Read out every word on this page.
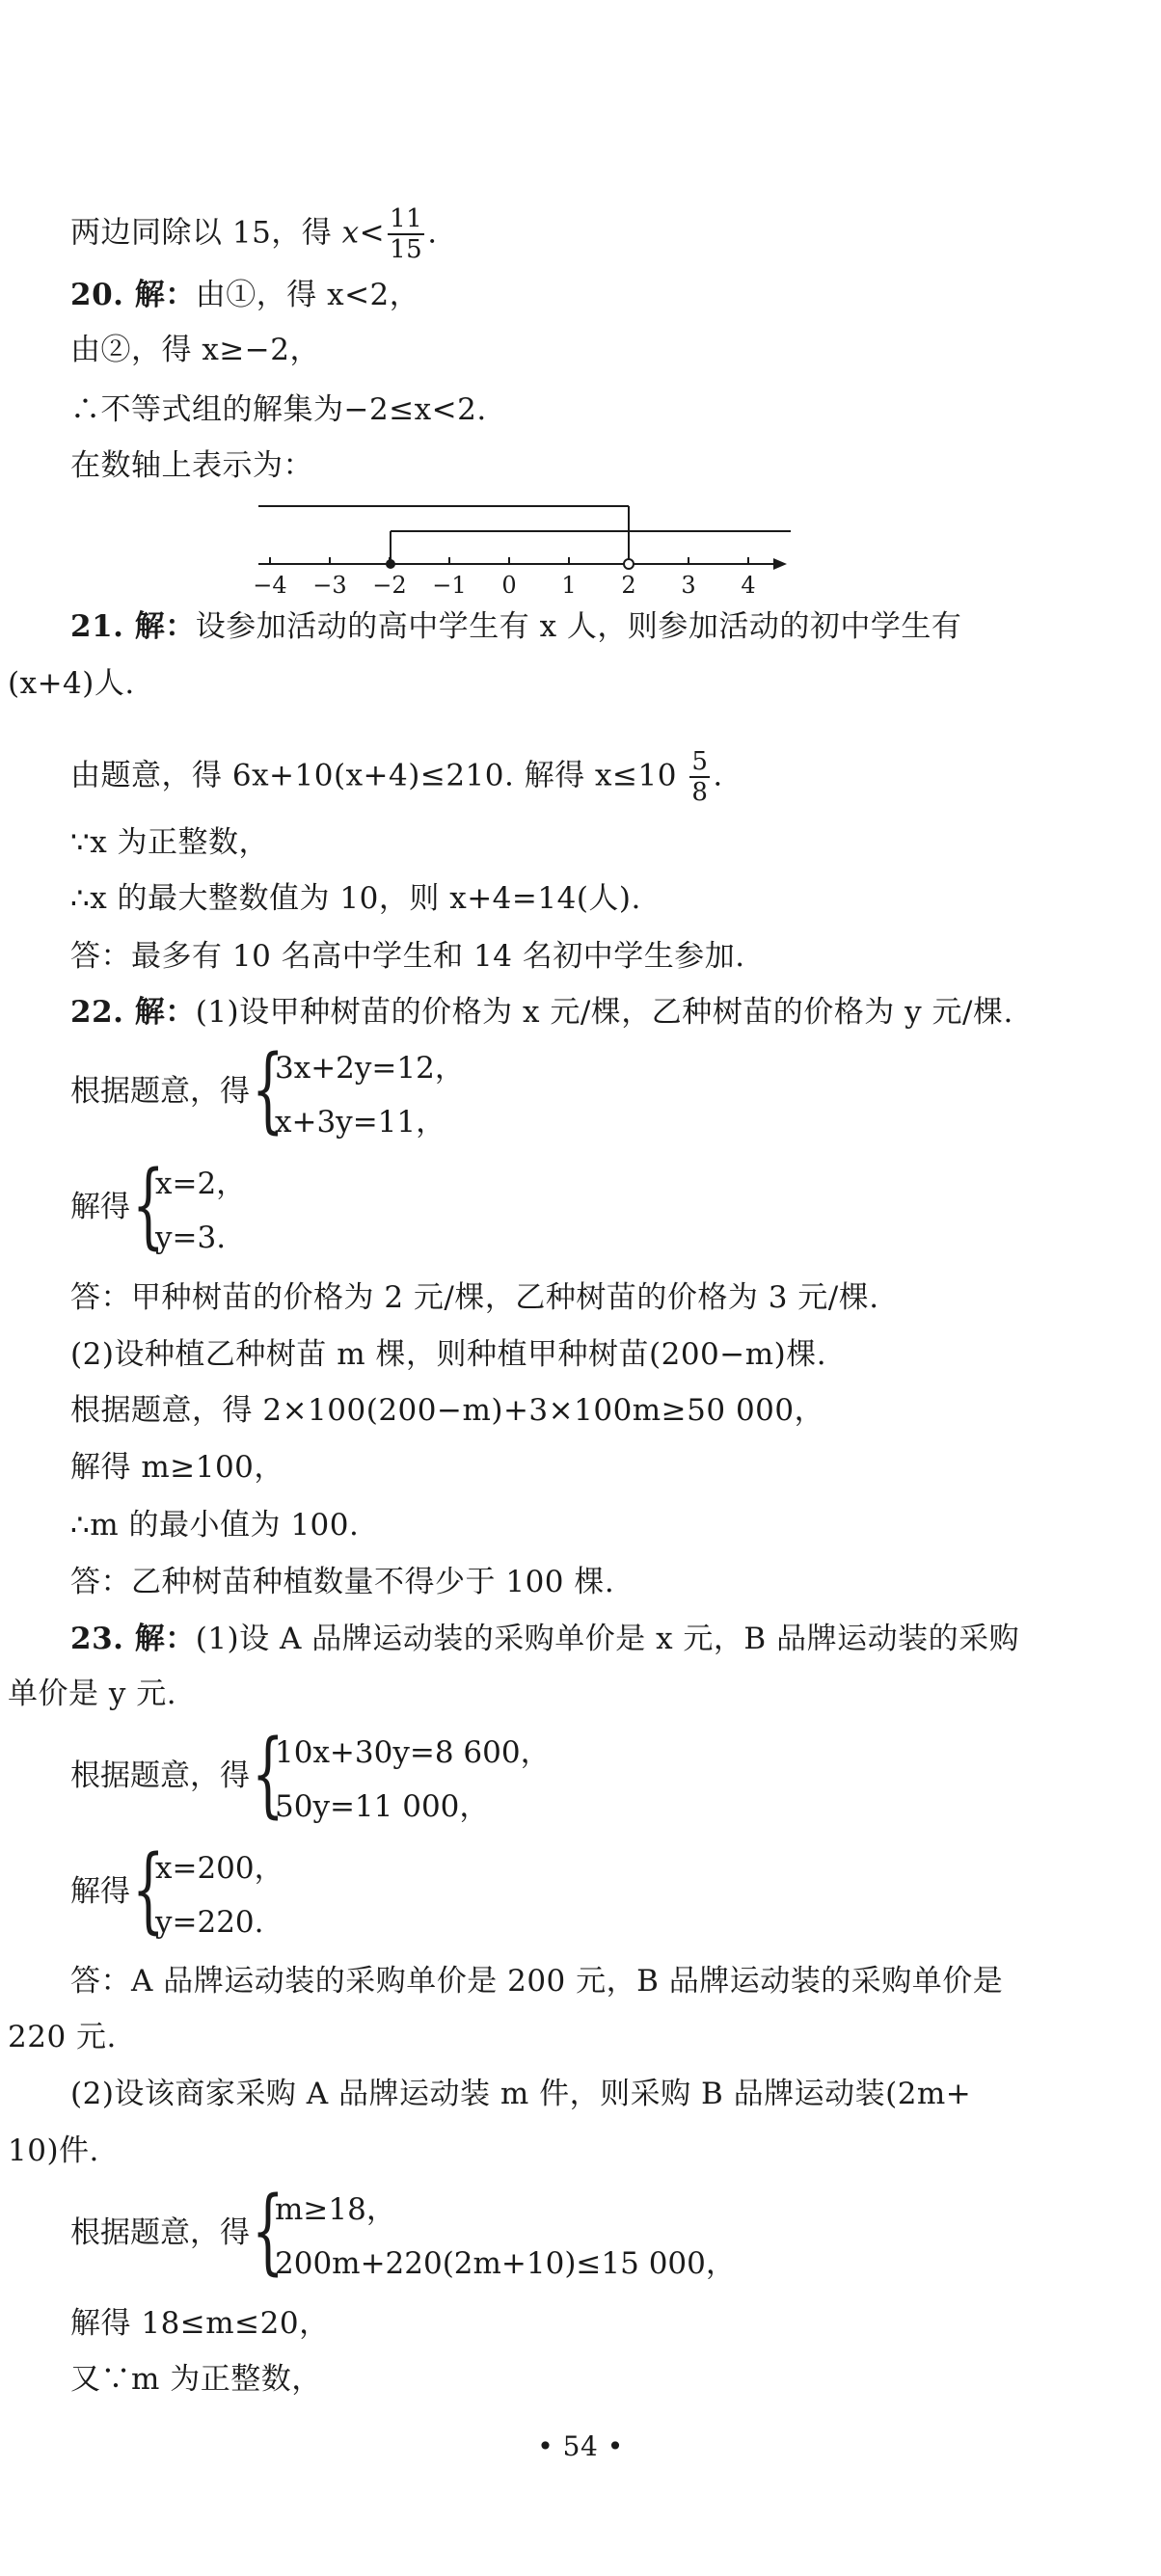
两边同除以 15，得 $x< \frac{11}{15}$ .
20. 解：由①，得 x<2，
由②，得 x≥−2，
∴不等式组的解集为−2≤x<2.
在数轴上表示为：
−4 −3 −2 −1 0 1 2 3 4
21. 解：设参加活动的高中学生有 x 人，则参加活动的初中学生有
(x+4)人.
由题意，得 6x+10(x+4)≤210. 解得 $x\le 10 \frac{5}{8}$ .
∵x 为正整数，
∴x 的最大整数值为 10，则 x+4=14(人).
答：最多有 10 名高中学生和 14 名初中学生参加.
22. 解：(1)设甲种树苗的价格为 x 元/棵，乙种树苗的价格为 y 元/棵.
根据题意，得 {
3x+2y=12，
x+3y=11，
解得 {
x=2，
y=3.
答：甲种树苗的价格为 2 元/棵，乙种树苗的价格为 3 元/棵.
(2)设种植乙种树苗 m 棵，则种植甲种树苗(200−m)棵.
根据题意，得 2×100(200−m)+3×100m≥50 000，
解得 m≥100，
∴m 的最小值为 100.
答：乙种树苗种植数量不得少于 100 棵.
23. 解：(1)设 A 品牌运动装的采购单价是 x 元，B 品牌运动装的采购
单价是 y 元.
根据题意，得 {
10x+30y=8 600，
50y=11 000，
解得 {
x=200，
y=220.
答：A 品牌运动装的采购单价是 200 元，B 品牌运动装的采购单价是
220 元.
(2)设该商家采购 A 品牌运动装 m 件，则采购 B 品牌运动装(2m+
10)件.
根据题意，得 {
m≥18，
200m+220(2m+10)≤15 000，
解得 18≤m≤20，
又∵m 为正整数，
• 54 •
